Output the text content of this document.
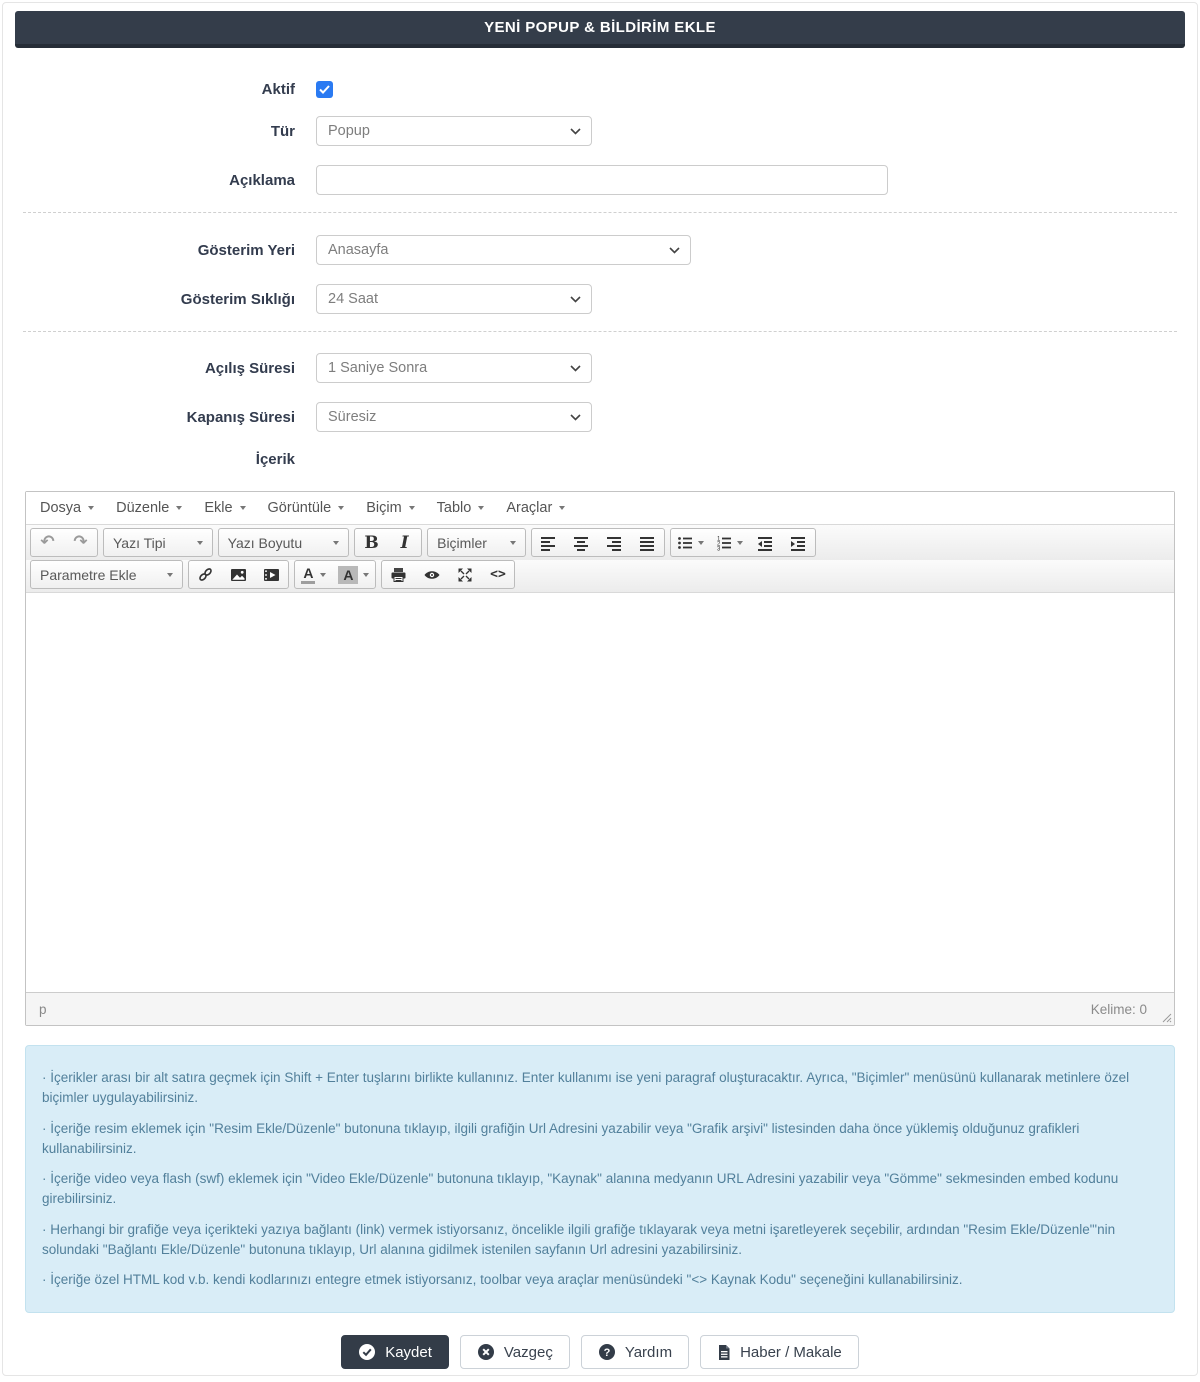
YENİ POPUP & BİLDİRİM EKLE
Aktif
Tür Popup
Açıklama
Gösterim Yeri Anasayfa
Gösterim Sıklığı 24 Saat
Açılış Süresi 1 Saniye Sonra
Kapanış Süresi Süresiz
İçerik
Dosya Düzenle Ekle Görüntüle Biçim Tablo Araçlar
↶ ↷ Yazı Tipi	Yazı Boyutu	B I Biçimler	1
2
3
Parametre Ekle	A	A	<>
p	Kelime: 0

· İçerikler arası bir alt satıra geçmek için Shift + Enter tuşlarını birlikte kullanınız. Enter kullanımı ise yeni paragraf oluşturacaktır. Ayrıca, "Biçimler" menüsünü kullanarak metinlere özel biçimler uygulayabilirsiniz.

· İçeriğe resim eklemek için "Resim Ekle/Düzenle" butonuna tıklayıp, ilgili grafiğin Url Adresini yazabilir veya "Grafik arşivi" listesinden daha önce yüklemiş olduğunuz grafikleri kullanabilirsiniz.

· İçeriğe video veya flash (swf) eklemek için "Video Ekle/Düzenle" butonuna tıklayıp, "Kaynak" alanına medyanın URL Adresini yazabilir veya "Gömme" sekmesinden embed kodunu girebilirsiniz.

· Herhangi bir grafiğe veya içerikteki yazıya bağlantı (link) vermek istiyorsanız, öncelikle ilgili grafiğe tıklayarak veya metni işaretleyerek seçebilir, ardından "Resim Ekle/Düzenle"'nin solundaki "Bağlantı Ekle/Düzenle" butonuna tıklayıp, Url alanına gidilmek istenilen sayfanın Url adresini yazabilirsiniz.

· İçeriğe özel HTML kod v.b. kendi kodlarınızı entegre etmek istiyorsanız, toolbar veya araçlar menüsündeki "<> Kaynak Kodu" seçeneğini kullanabilirsiniz.

Kaydet	Vazgeç	? Yardım	Haber / Makale
